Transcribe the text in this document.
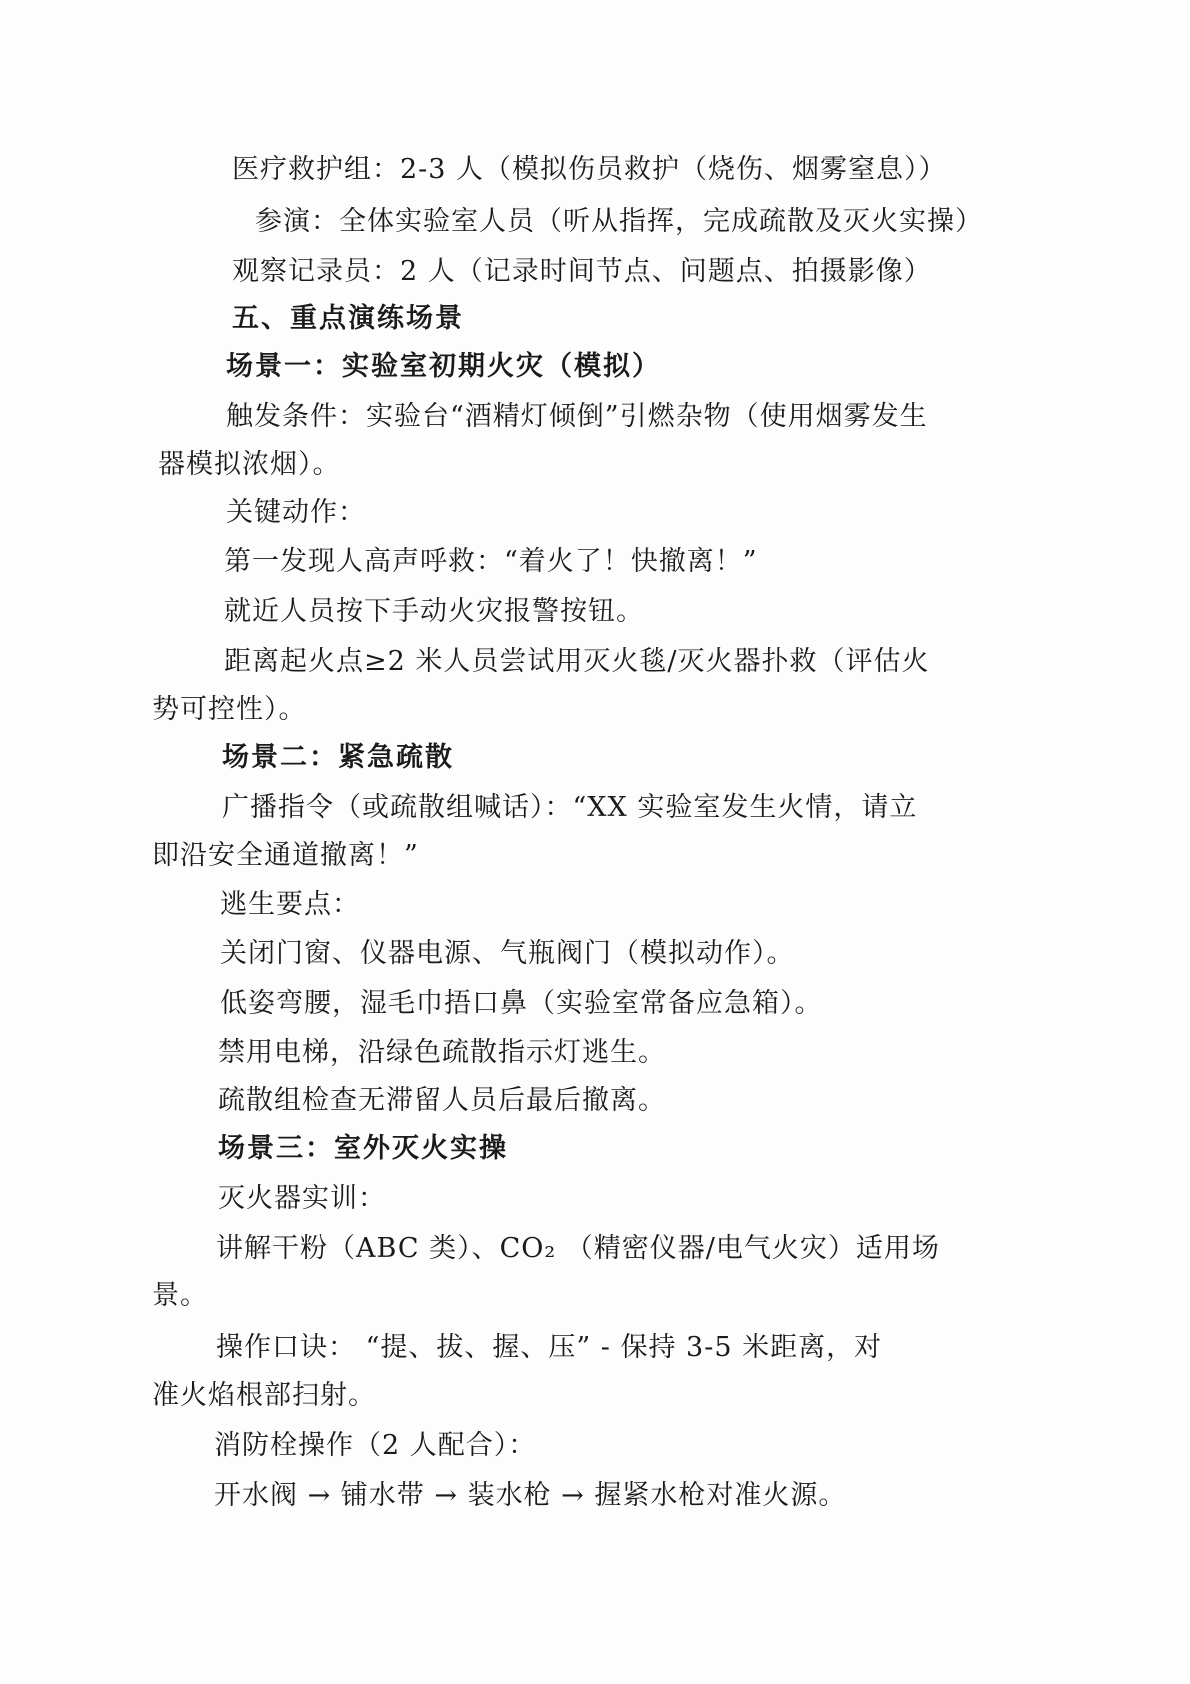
医疗救护组：2-3 人（模拟伤员救护（烧伤、烟雾窒息））
参演：全体实验室人员（听从指挥，完成疏散及灭火实操）
观察记录员：2 人（记录时间节点、问题点、拍摄影像）
五、重点演练场景
场景一：实验室初期火灾（模拟）
触发条件：实验台“酒精灯倾倒”引燃杂物（使用烟雾发生
器模拟浓烟）。
关键动作：
第一发现人高声呼救：“着火了！快撤离！”
就近人员按下手动火灾报警按钮。
距离起火点≥2 米人员尝试用灭火毯/灭火器扑救（评估火
势可控性）。
场景二：紧急疏散
广播指令（或疏散组喊话）：“XX 实验室发生火情，请立
即沿安全通道撤离！”
逃生要点：
关闭门窗、仪器电源、气瓶阀门（模拟动作）。
低姿弯腰，湿毛巾捂口鼻（实验室常备应急箱）。
禁用电梯，沿绿色疏散指示灯逃生。
疏散组检查无滞留人员后最后撤离。
场景三：室外灭火实操
灭火器实训：
讲解干粉（ABC 类）、CO₂ （精密仪器/电气火灾）适用场
景。
操作口诀： “提、拔、握、压” - 保持 3-5 米距离，对
准火焰根部扫射。
消防栓操作（2 人配合）：
开水阀 → 铺水带 → 装水枪 → 握紧水枪对准火源。
